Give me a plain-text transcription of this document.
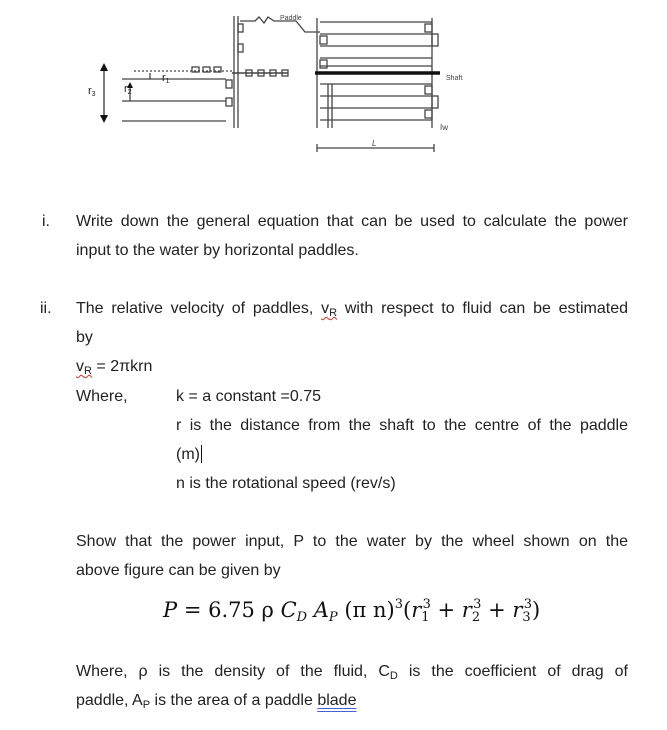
Paddle
Shaft
L
Iw
r1
r2
r3
i. Write down the general equation that can be used to calculate the power

input to the water by horizontal paddles.

ii. The relative velocity of paddles, $v_R$ with respect to fluid can be estimated

by

$v_R = 2\pi krn$

Where,	k = a constant =0.75

r is the distance from the shaft to the centre of the paddle

(m)

n is the rotational speed (rev/s)

Show that the power input, P to the water by the wheel shown on the

above figure can be given by

P = 6.75 ρ $C_D$ $A_P$ (π $n)^3(r_1^3 + r_2^3 + r_3^3)$

Where, ρ is the density of the fluid, $C_D$ is the coefficient of drag of

paddle, $A_P$ is the area of a paddle blade
